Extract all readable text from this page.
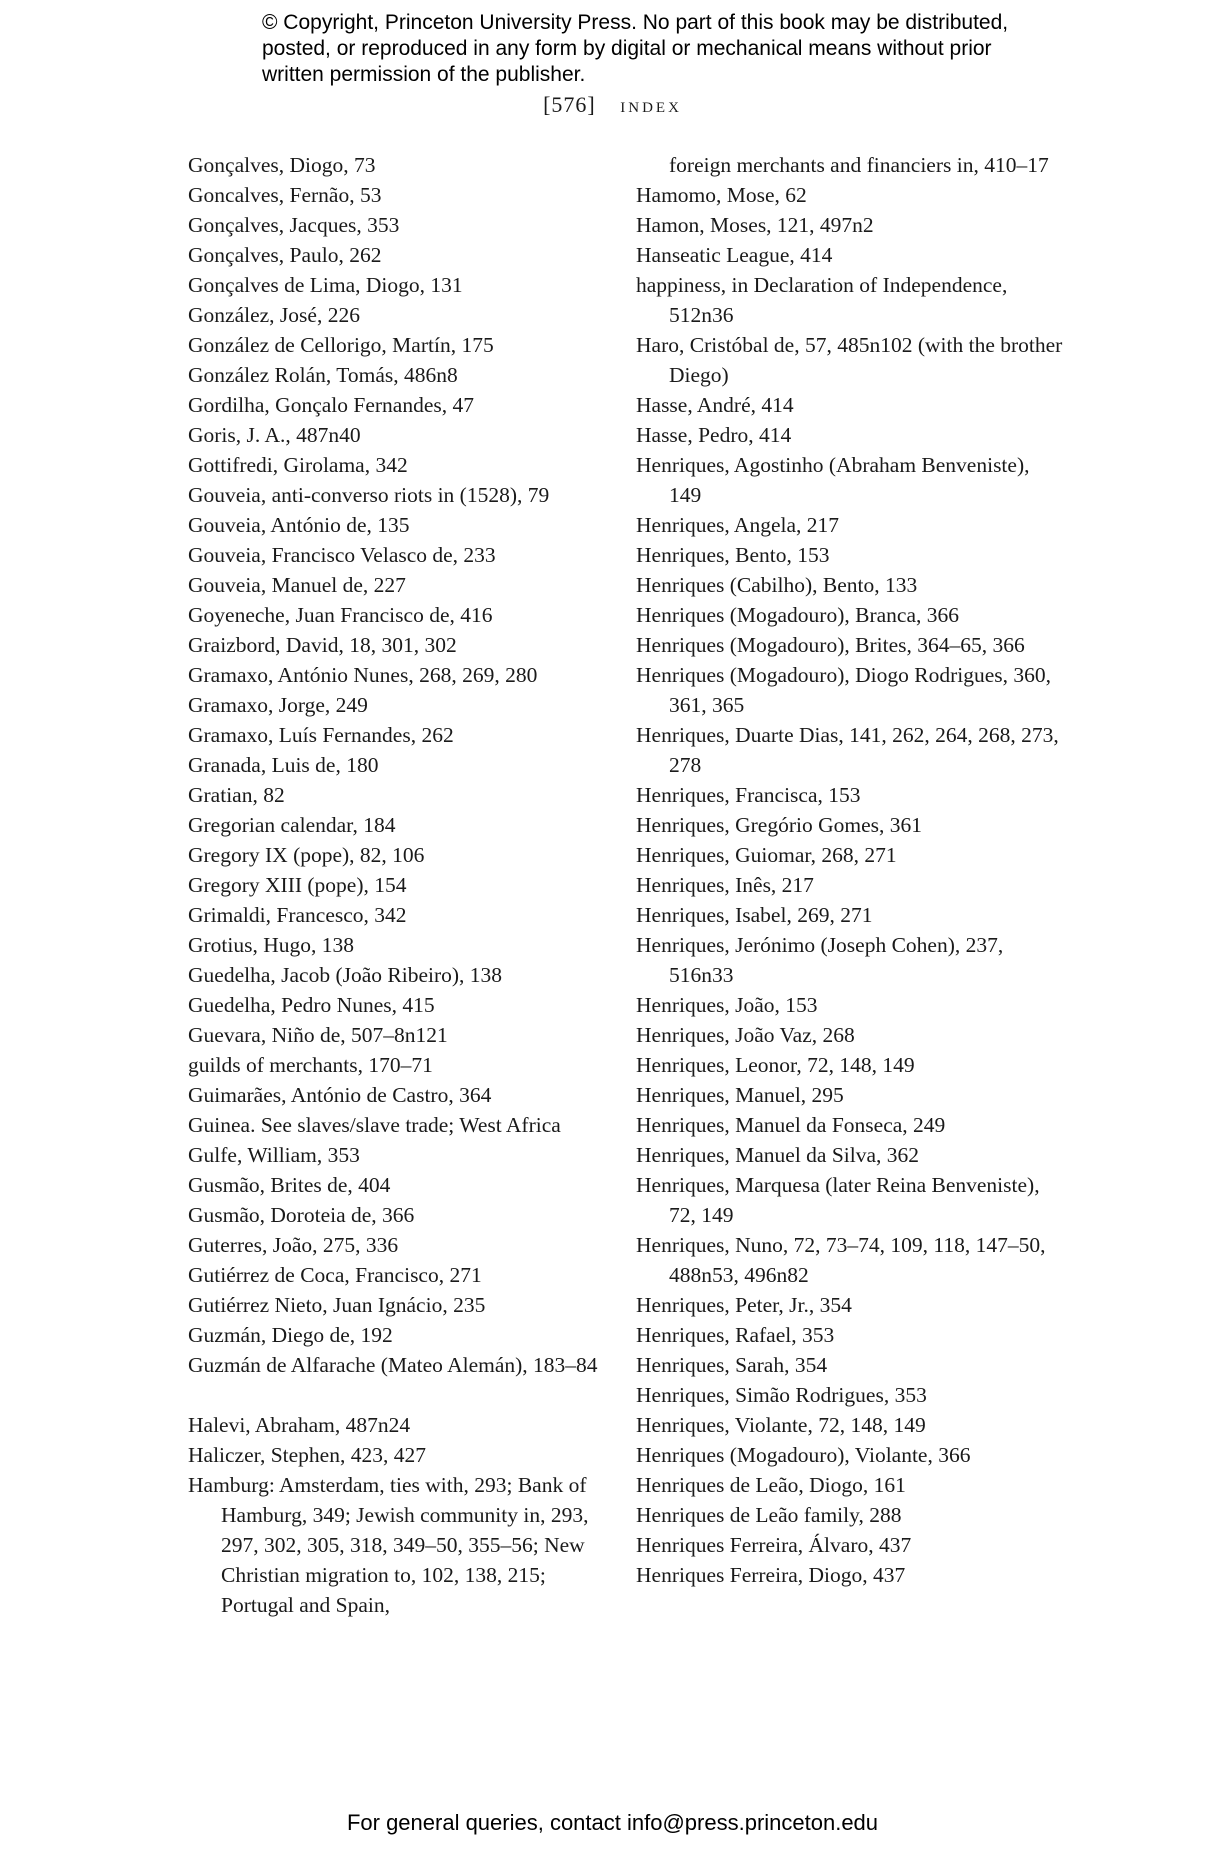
© Copyright, Princeton University Press. No part of this book may be distributed, posted, or reproduced in any form by digital or mechanical means without prior written permission of the publisher.
[576] index
Gonçalves, Diogo, 73
Goncalves, Fernão, 53
Gonçalves, Jacques, 353
Gonçalves, Paulo, 262
Gonçalves de Lima, Diogo, 131
González, José, 226
González de Cellorigo, Martín, 175
González Rolán, Tomás, 486n8
Gordilha, Gonçalo Fernandes, 47
Goris, J. A., 487n40
Gottifredi, Girolama, 342
Gouveia, anti-converso riots in (1528), 79
Gouveia, António de, 135
Gouveia, Francisco Velasco de, 233
Gouveia, Manuel de, 227
Goyeneche, Juan Francisco de, 416
Graizbord, David, 18, 301, 302
Gramaxo, António Nunes, 268, 269, 280
Gramaxo, Jorge, 249
Gramaxo, Luís Fernandes, 262
Granada, Luis de, 180
Gratian, 82
Gregorian calendar, 184
Gregory IX (pope), 82, 106
Gregory XIII (pope), 154
Grimaldi, Francesco, 342
Grotius, Hugo, 138
Guedelha, Jacob (João Ribeiro), 138
Guedelha, Pedro Nunes, 415
Guevara, Niño de, 507–8n121
guilds of merchants, 170–71
Guimarães, António de Castro, 364
Guinea. See slaves/slave trade; West Africa
Gulfe, William, 353
Gusmão, Brites de, 404
Gusmão, Doroteia de, 366
Guterres, João, 275, 336
Gutiérrez de Coca, Francisco, 271
Gutiérrez Nieto, Juan Ignácio, 235
Guzmán, Diego de, 192
Guzmán de Alfarache (Mateo Alemán), 183–84
Halevi, Abraham, 487n24
Haliczer, Stephen, 423, 427
Hamburg: Amsterdam, ties with, 293; Bank of Hamburg, 349; Jewish community in, 293, 297, 302, 305, 318, 349–50, 355–56; New Christian migration to, 102, 138, 215; Portugal and Spain,
foreign merchants and financiers in, 410–17
Hamomo, Mose, 62
Hamon, Moses, 121, 497n2
Hanseatic League, 414
happiness, in Declaration of Independence, 512n36
Haro, Cristóbal de, 57, 485n102 (with the brother Diego)
Hasse, André, 414
Hasse, Pedro, 414
Henriques, Agostinho (Abraham Benveniste), 149
Henriques, Angela, 217
Henriques, Bento, 153
Henriques (Cabilho), Bento, 133
Henriques (Mogadouro), Branca, 366
Henriques (Mogadouro), Brites, 364–65, 366
Henriques (Mogadouro), Diogo Rodrigues, 360, 361, 365
Henriques, Duarte Dias, 141, 262, 264, 268, 273, 278
Henriques, Francisca, 153
Henriques, Gregório Gomes, 361
Henriques, Guiomar, 268, 271
Henriques, Inês, 217
Henriques, Isabel, 269, 271
Henriques, Jerónimo (Joseph Cohen), 237, 516n33
Henriques, João, 153
Henriques, João Vaz, 268
Henriques, Leonor, 72, 148, 149
Henriques, Manuel, 295
Henriques, Manuel da Fonseca, 249
Henriques, Manuel da Silva, 362
Henriques, Marquesa (later Reina Benveniste), 72, 149
Henriques, Nuno, 72, 73–74, 109, 118, 147–50, 488n53, 496n82
Henriques, Peter, Jr., 354
Henriques, Rafael, 353
Henriques, Sarah, 354
Henriques, Simão Rodrigues, 353
Henriques, Violante, 72, 148, 149
Henriques (Mogadouro), Violante, 366
Henriques de Leão, Diogo, 161
Henriques de Leão family, 288
Henriques Ferreira, Álvaro, 437
Henriques Ferreira, Diogo, 437
For general queries, contact info@press.princeton.edu
